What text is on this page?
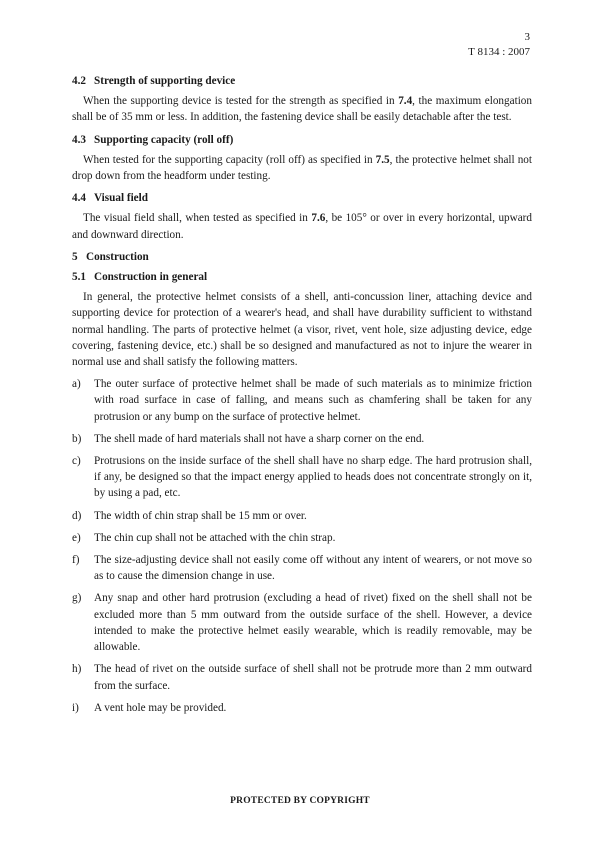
3
T 8134 : 2007
4.2 Strength of supporting device

When the supporting device is tested for the strength as specified in 7.4, the maximum elongation shall be of 35 mm or less. In addition, the fastening device shall be easily detachable after the test.

4.3 Supporting capacity (roll off)

When tested for the supporting capacity (roll off) as specified in 7.5, the protective helmet shall not drop down from the headform under testing.

4.4 Visual field

The visual field shall, when tested as specified in 7.6, be 105° or over in every horizontal, upward and downward direction.

5 Construction
5.1 Construction in general

In general, the protective helmet consists of a shell, anti-concussion liner, attaching device and supporting device for protection of a wearer's head, and shall have durability sufficient to withstand normal handling. The parts of protective helmet (a visor, rivet, vent hole, size adjusting device, edge covering, fastening device, etc.) shall be so designed and manufactured as not to injure the wearer in normal use and shall satisfy the following matters.

a) The outer surface of protective helmet shall be made of such materials as to minimize friction with road surface in case of falling, and means such as chamfering shall be taken for any protrusion or any bump on the surface of protective helmet.
b) The shell made of hard materials shall not have a sharp corner on the end.
c) Protrusions on the inside surface of the shell shall have no sharp edge. The hard protrusion shall, if any, be designed so that the impact energy applied to heads does not concentrate strongly on it, by using a pad, etc.
d) The width of chin strap shall be 15 mm or over.
e) The chin cup shall not be attached with the chin strap.
f) The size-adjusting device shall not easily come off without any intent of wearers, or not move so as to cause the dimension change in use.
g) Any snap and other hard protrusion (excluding a head of rivet) fixed on the shell shall not be excluded more than 5 mm outward from the outside surface of the shell. However, a device intended to make the protective helmet easily wearable, which is readily removable, may be allowable.
h) The head of rivet on the outside surface of shell shall not be protrude more than 2 mm outward from the surface.
i) A vent hole may be provided.
PROTECTED BY COPYRIGHT
